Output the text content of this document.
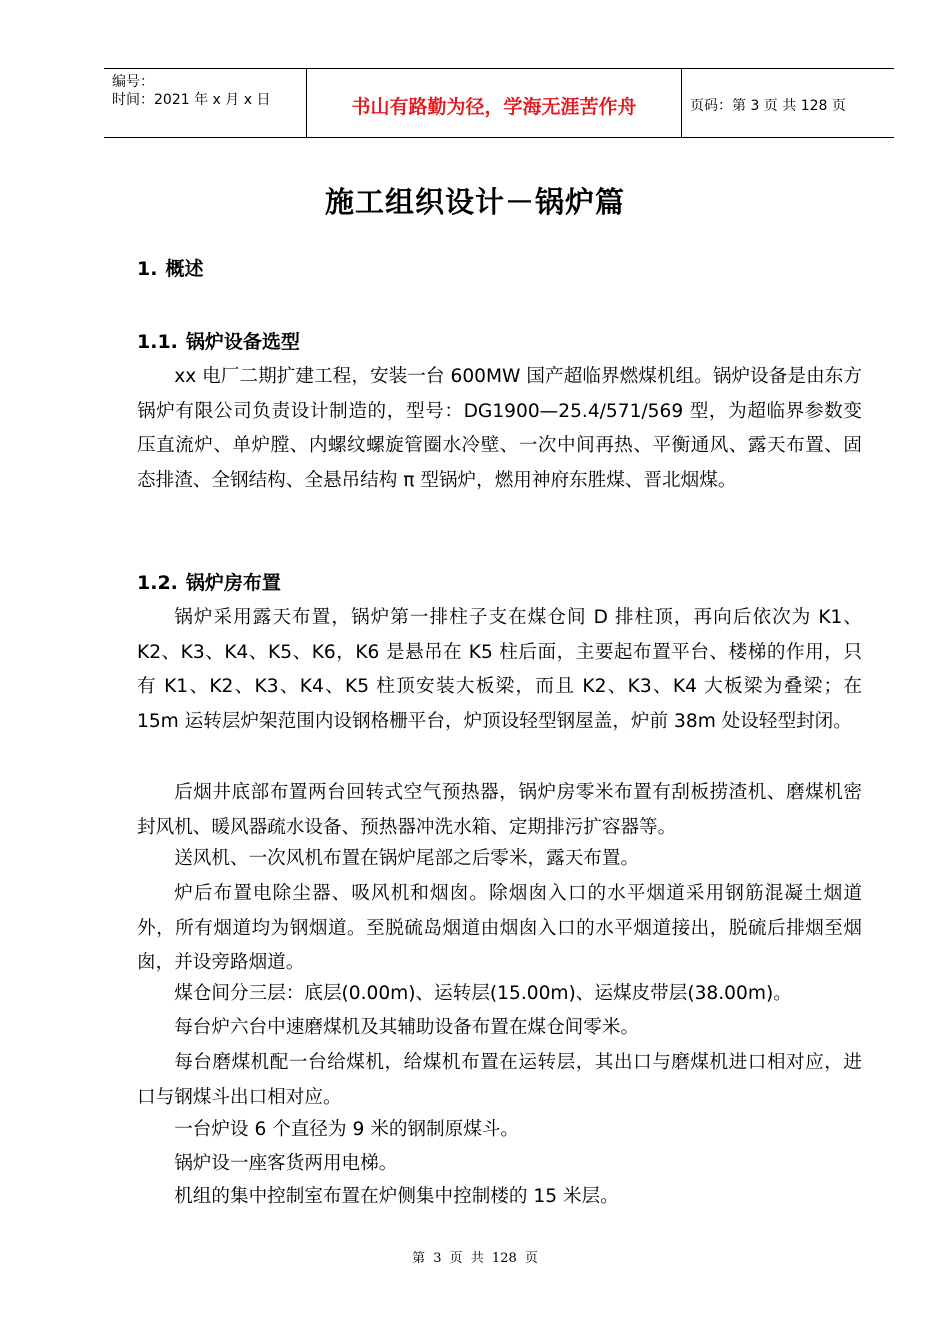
编号：
时间：2021 年 x 月 x 日	书山有路勤为径，学海无涯苦作舟	页码：第 3 页 共 128 页
施工组织设计－锅炉篇
1. 概述
1.1. 锅炉设备选型
xx 电厂二期扩建工程，安装一台 600MW 国产超临界燃煤机组。锅炉设备是由东方锅炉有限公司负责设计制造的，型号：DG1900—25.4/571/569 型，为超临界参数变压直流炉、单炉膛、内螺纹螺旋管圈水冷壁、一次中间再热、平衡通风、露天布置、固态排渣、全钢结构、全悬吊结构 π 型锅炉，燃用神府东胜煤、晋北烟煤。
1.2. 锅炉房布置
锅炉采用露天布置，锅炉第一排柱子支在煤仓间 D 排柱顶，再向后依次为 K1、K2、K3、K4、K5、K6，K6 是悬吊在 K5 柱后面，主要起布置平台、楼梯的作用，只有 K1、K2、K3、K4、K5 柱顶安装大板梁，而且 K2、K3、K4 大板梁为叠梁；在 15m 运转层炉架范围内设钢格栅平台，炉顶设轻型钢屋盖，炉前 38m 处设轻型封闭。
后烟井底部布置两台回转式空气预热器，锅炉房零米布置有刮板捞渣机、磨煤机密封风机、暖风器疏水设备、预热器冲洗水箱、定期排污扩容器等。
送风机、一次风机布置在锅炉尾部之后零米，露天布置。
炉后布置电除尘器、吸风机和烟囱。除烟囱入口的水平烟道采用钢筋混凝土烟道外，所有烟道均为钢烟道。至脱硫岛烟道由烟囱入口的水平烟道接出，脱硫后排烟至烟囱，并设旁路烟道。
煤仓间分三层：底层(0.00m)、运转层(15.00m)、运煤皮带层(38.00m)。
每台炉六台中速磨煤机及其辅助设备布置在煤仓间零米。
每台磨煤机配一台给煤机，给煤机布置在运转层，其出口与磨煤机进口相对应，进口与钢煤斗出口相对应。
一台炉设 6 个直径为 9 米的钢制原煤斗。
锅炉设一座客货两用电梯。
机组的集中控制室布置在炉侧集中控制楼的 15 米层。
第 3 页 共 128 页
